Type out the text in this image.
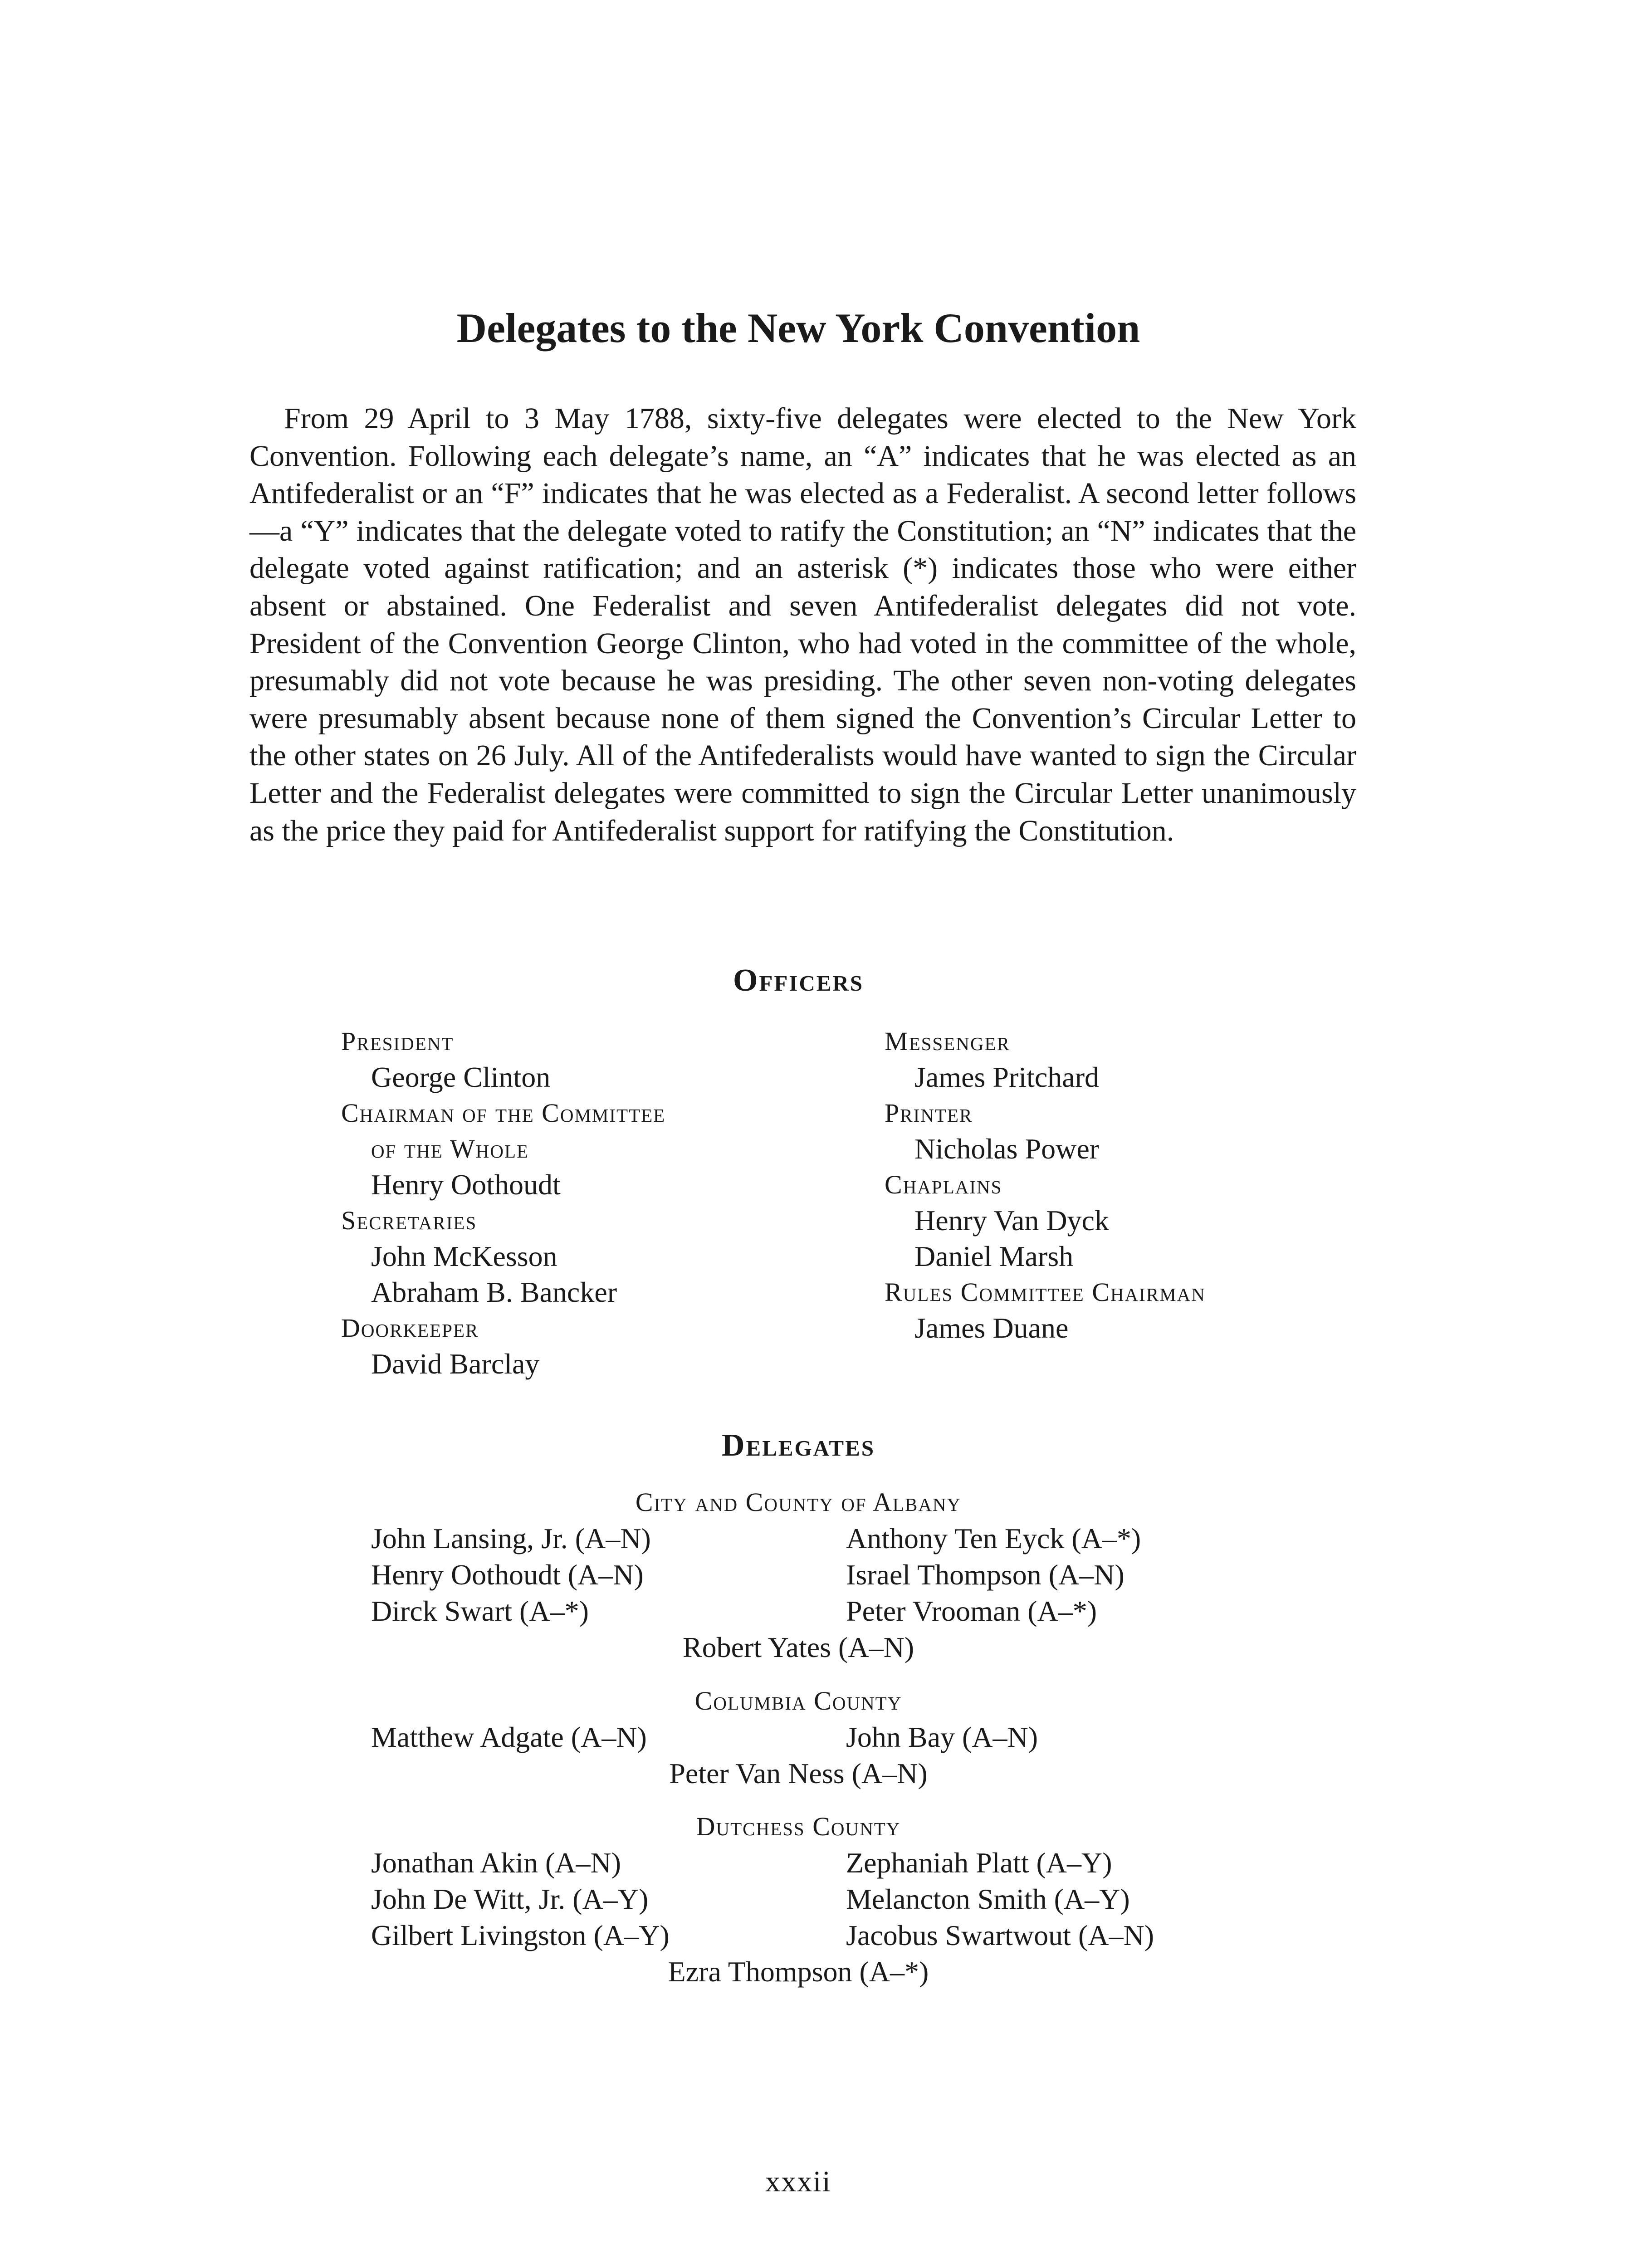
Delegates to the New York Convention

From 29 April to 3 May 1788, sixty-five delegates were elected to the New York Convention. Following each delegate’s name, an “A” indicates that he was elected as an Antifederalist or an “F” indicates that he was elected as a Federalist. A second letter follows—a “Y” indicates that the delegate voted to ratify the Constitution; an “N” indicates that the delegate voted against ratification; and an asterisk (*) indicates those who were either absent or abstained. One Federalist and seven Antifederalist delegates did not vote. President of the Convention George Clinton, who had voted in the committee of the whole, presumably did not vote because he was presiding. The other seven non-voting delegates were presumably absent because none of them signed the Convention’s Circular Letter to the other states on 26 July. All of the Antifederalists would have wanted to sign the Circular Letter and the Federalist delegates were committed to sign the Circular Letter unanimously as the price they paid for Antifederalist support for ratifying the Constitution.

Officers
President
George Clinton
Chairman of the Committee
of the Whole
Henry Oothoudt
Secretaries
John McKesson
Abraham B. Bancker
Doorkeeper
David Barclay
Messenger
James Pritchard
Printer
Nicholas Power
Chaplains
Henry Van Dyck
Daniel Marsh
Rules Committee Chairman
James Duane
Delegates
City and County of Albany
John Lansing, Jr. (A–N)	Anthony Ten Eyck (A–*)
Henry Oothoudt (A–N)	Israel Thompson (A–N)
Dirck Swart (A–*)	Peter Vrooman (A–*)
Robert Yates (A–N)
Columbia County
Matthew Adgate (A–N)	John Bay (A–N)
Peter Van Ness (A–N)
Dutchess County
Jonathan Akin (A–N)	Zephaniah Platt (A–Y)
John De Witt, Jr. (A–Y)	Melancton Smith (A–Y)
Gilbert Livingston (A–Y)	Jacobus Swartwout (A–N)
Ezra Thompson (A–*)
xxxii
